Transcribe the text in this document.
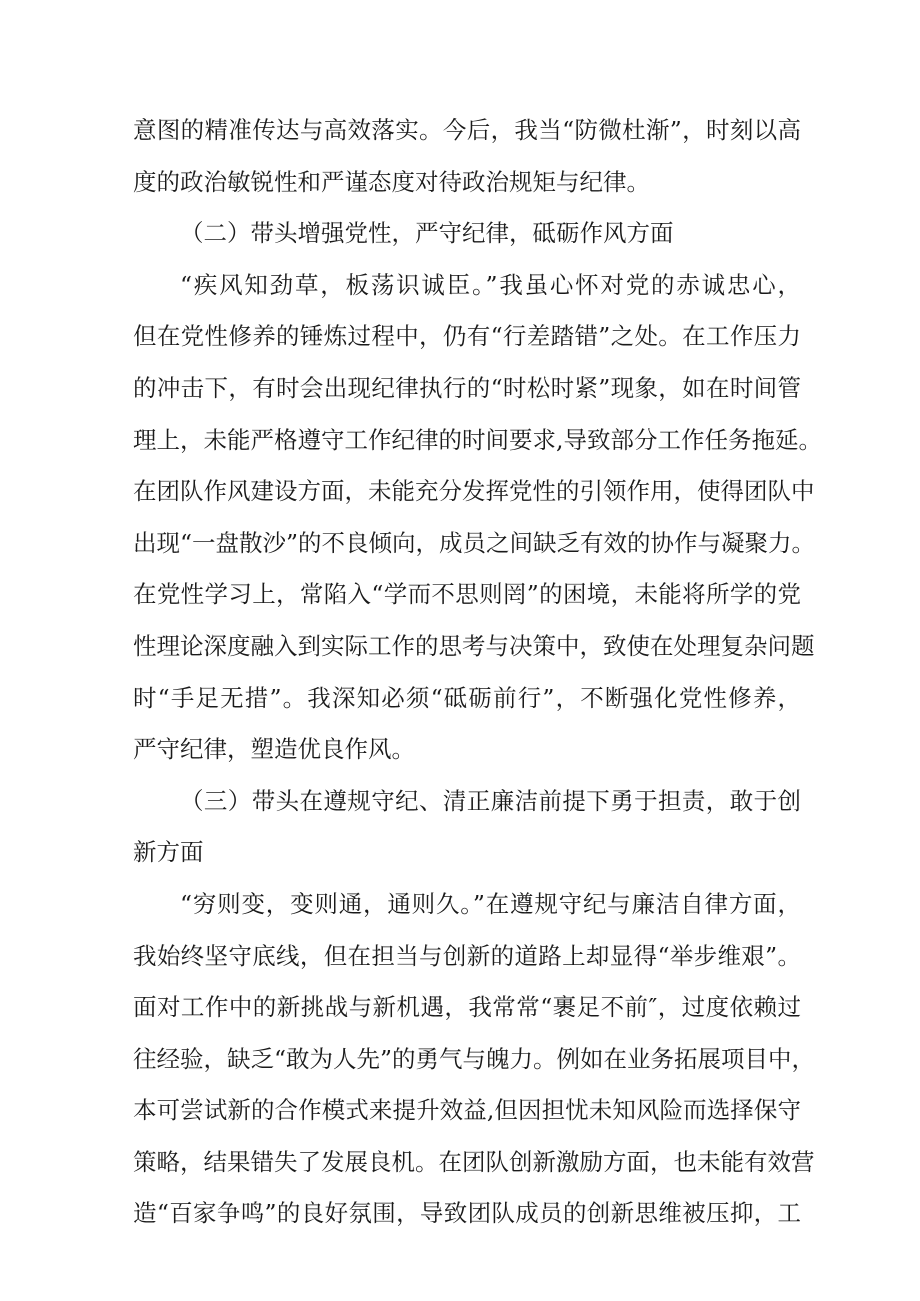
意图的精准传达与高效落实。今后，我当“防微杜渐”，时刻以高
度的政治敏锐性和严谨态度对待政治规矩与纪律。
（二）带头增强党性，严守纪律，砥砺作风方面
“疾风知劲草，板荡识诚臣。”我虽心怀对党的赤诚忠心，
但在党性修养的锤炼过程中，仍有“行差踏错”之处。在工作压力
的冲击下，有时会出现纪律执行的“时松时紧”现象，如在时间管
理上，未能严格遵守工作纪律的时间要求,导致部分工作任务拖延。
在团队作风建设方面，未能充分发挥党性的引领作用，使得团队中
出现“一盘散沙”的不良倾向，成员之间缺乏有效的协作与凝聚力。
在党性学习上，常陷入“学而不思则罔”的困境，未能将所学的党
性理论深度融入到实际工作的思考与决策中，致使在处理复杂问题
时“手足无措”。我深知必须“砥砺前行”，不断强化党性修养，
严守纪律，塑造优良作风。
（三）带头在遵规守纪、清正廉洁前提下勇于担责，敢于创
新方面
“穷则变，变则通，通则久。”在遵规守纪与廉洁自律方面，
我始终坚守底线，但在担当与创新的道路上却显得“举步维艰”。
面对工作中的新挑战与新机遇，我常常“裹足不前″，过度依赖过
往经验，缺乏“敢为人先”的勇气与魄力。例如在业务拓展项目中，
本可尝试新的合作模式来提升效益,但因担忧未知风险而选择保守
策略，结果错失了发展良机。在团队创新激励方面，也未能有效营
造“百家争鸣”的良好氛围，导致团队成员的创新思维被压抑，工
